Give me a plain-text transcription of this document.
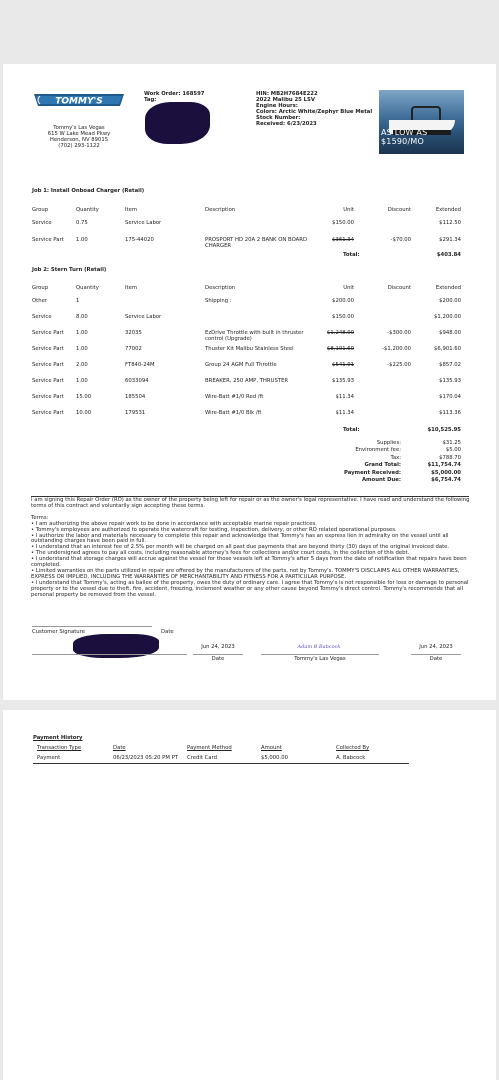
TOMMY'S
Tommy's Las Vegas
615 W Lake Mead Pkwy
Henderson, NV 89015
(702) 293-1122
Work Order: 168597
Tag:
HIN: MB2H7684E222
2022 Malibu 25 LSV
Engine Hours:
Colors: Arctic White/Zephyr Blue Metal
Stock Number:
Received: 6/23/2023
AS LOW AS $1590/MO
Job 1: Install Onboad Charger (Retail)
Group	Quantity	Item	Description	Unit	Discount	Extended
Service	0.75	Service Labor	$150.00	$112.50
Service Part	1.00	175-44020	PROSPORT HD 20A 2 BANK ON BOARD
CHARGER
$361.34	-$70.00	$291.34
Total:	$403.84
Job 2: Stern Turn (Retail)
Group	Quantity	Item	Description	Unit	Discount	Extended
Other	1	Shipping :	$200.00	$200.00
Service	8.00	Service Labor	$150.00	$1,200.00
Service Part	1.00	32035	EzDrive Throttle with built in thruster
control (Upgrade)
$1,248.00	-$300.00	$948.00
Service Part	1.00	77002	Thuster Kit Malibu Stainless Steel	$8,101.60	-$1,200.00	$6,901.60
Service Part	2.00	FT840-24M	Group 24 AGM Full Throttle	$541.01	-$225.00	$857.02
Service Part	1.00	6033094	BREAKER, 250 AMP, THRUSTER	$135.93	$135.93
Service Part	15.00	185504	Wire-Batt #1/0 Red /ft	$11.34	$170.04
Service Part	10.00	179531	Wire-Batt #1/0 Blk /ft	$11.34	$113.36
Total:	$10,525.95
Supplies:	$31.25
Environment fee:	$5.00
Tax:	$788.70
Grand Total:	$11,754.74
Payment Received:	$5,000.00
Amount Due:	$6,754.74

I am signing this Repair Order (RO) as the owner of the property being left for repair or as the owner's legal representative. I have read and understand the following terms of this contract and voluntarily sign accepting these terms.

Terms:

• I am authorizing the above repair work to be done in accordance with acceptable marine repair practices.

• Tommy's employees are authorized to operate the watercraft for testing, inspection, delivery, or other RO related operational purposes.

• I authorize the labor and materials necessary to complete this repair and acknowledge that Tommy's has an express lien in admiralty on the vessel until all outstanding charges have been paid in full.

• I understand that an interest fee of 2.5% per month will be charged on all past due payments that are beyond thirty (30) days of the original invoiced date.

• The undersigned agrees to pay all costs, including reasonable attorney's fees for collections and/or court costs, in the collection of this debt.

• I understand that storage charges will accrue against the vessel for those vessels left at Tommy's after 5 days from the date of notification that repairs have been completed.

• Limited warranties on the parts utilized in repair are offered by the manufacturers of the parts, not by Tommy's. TOMMY'S DISCLAIMS ALL OTHER WARRANTIES, EXPRESS OR IMPLIED, INCLUDING THE WARRANTIES OF MERCHANTABILITY AND FITNESS FOR A PARTICULAR PURPOSE.

• I understand that Tommy's, acting as bailee of the property, owes the duty of ordinary care. I agree that Tommy's is not responsible for loss or damage to personal property or to the vessel due to theft, fire, accident, freezing, inclement weather or any other cause beyond Tommy's direct control. Tommy's recommends that all personal property be removed from the vessel.

Customer Signature	Date
Jun 24, 2023
Date
Adam B Babcock
Tommy's Las Vegas
Jun 24, 2023
Date
Payment History
Transaction Type	Date	Payment Method	Amount	Collected By
Payment	06/23/2023 05:20 PM PT	Credit Card	$5,000.00	A. Babcock
